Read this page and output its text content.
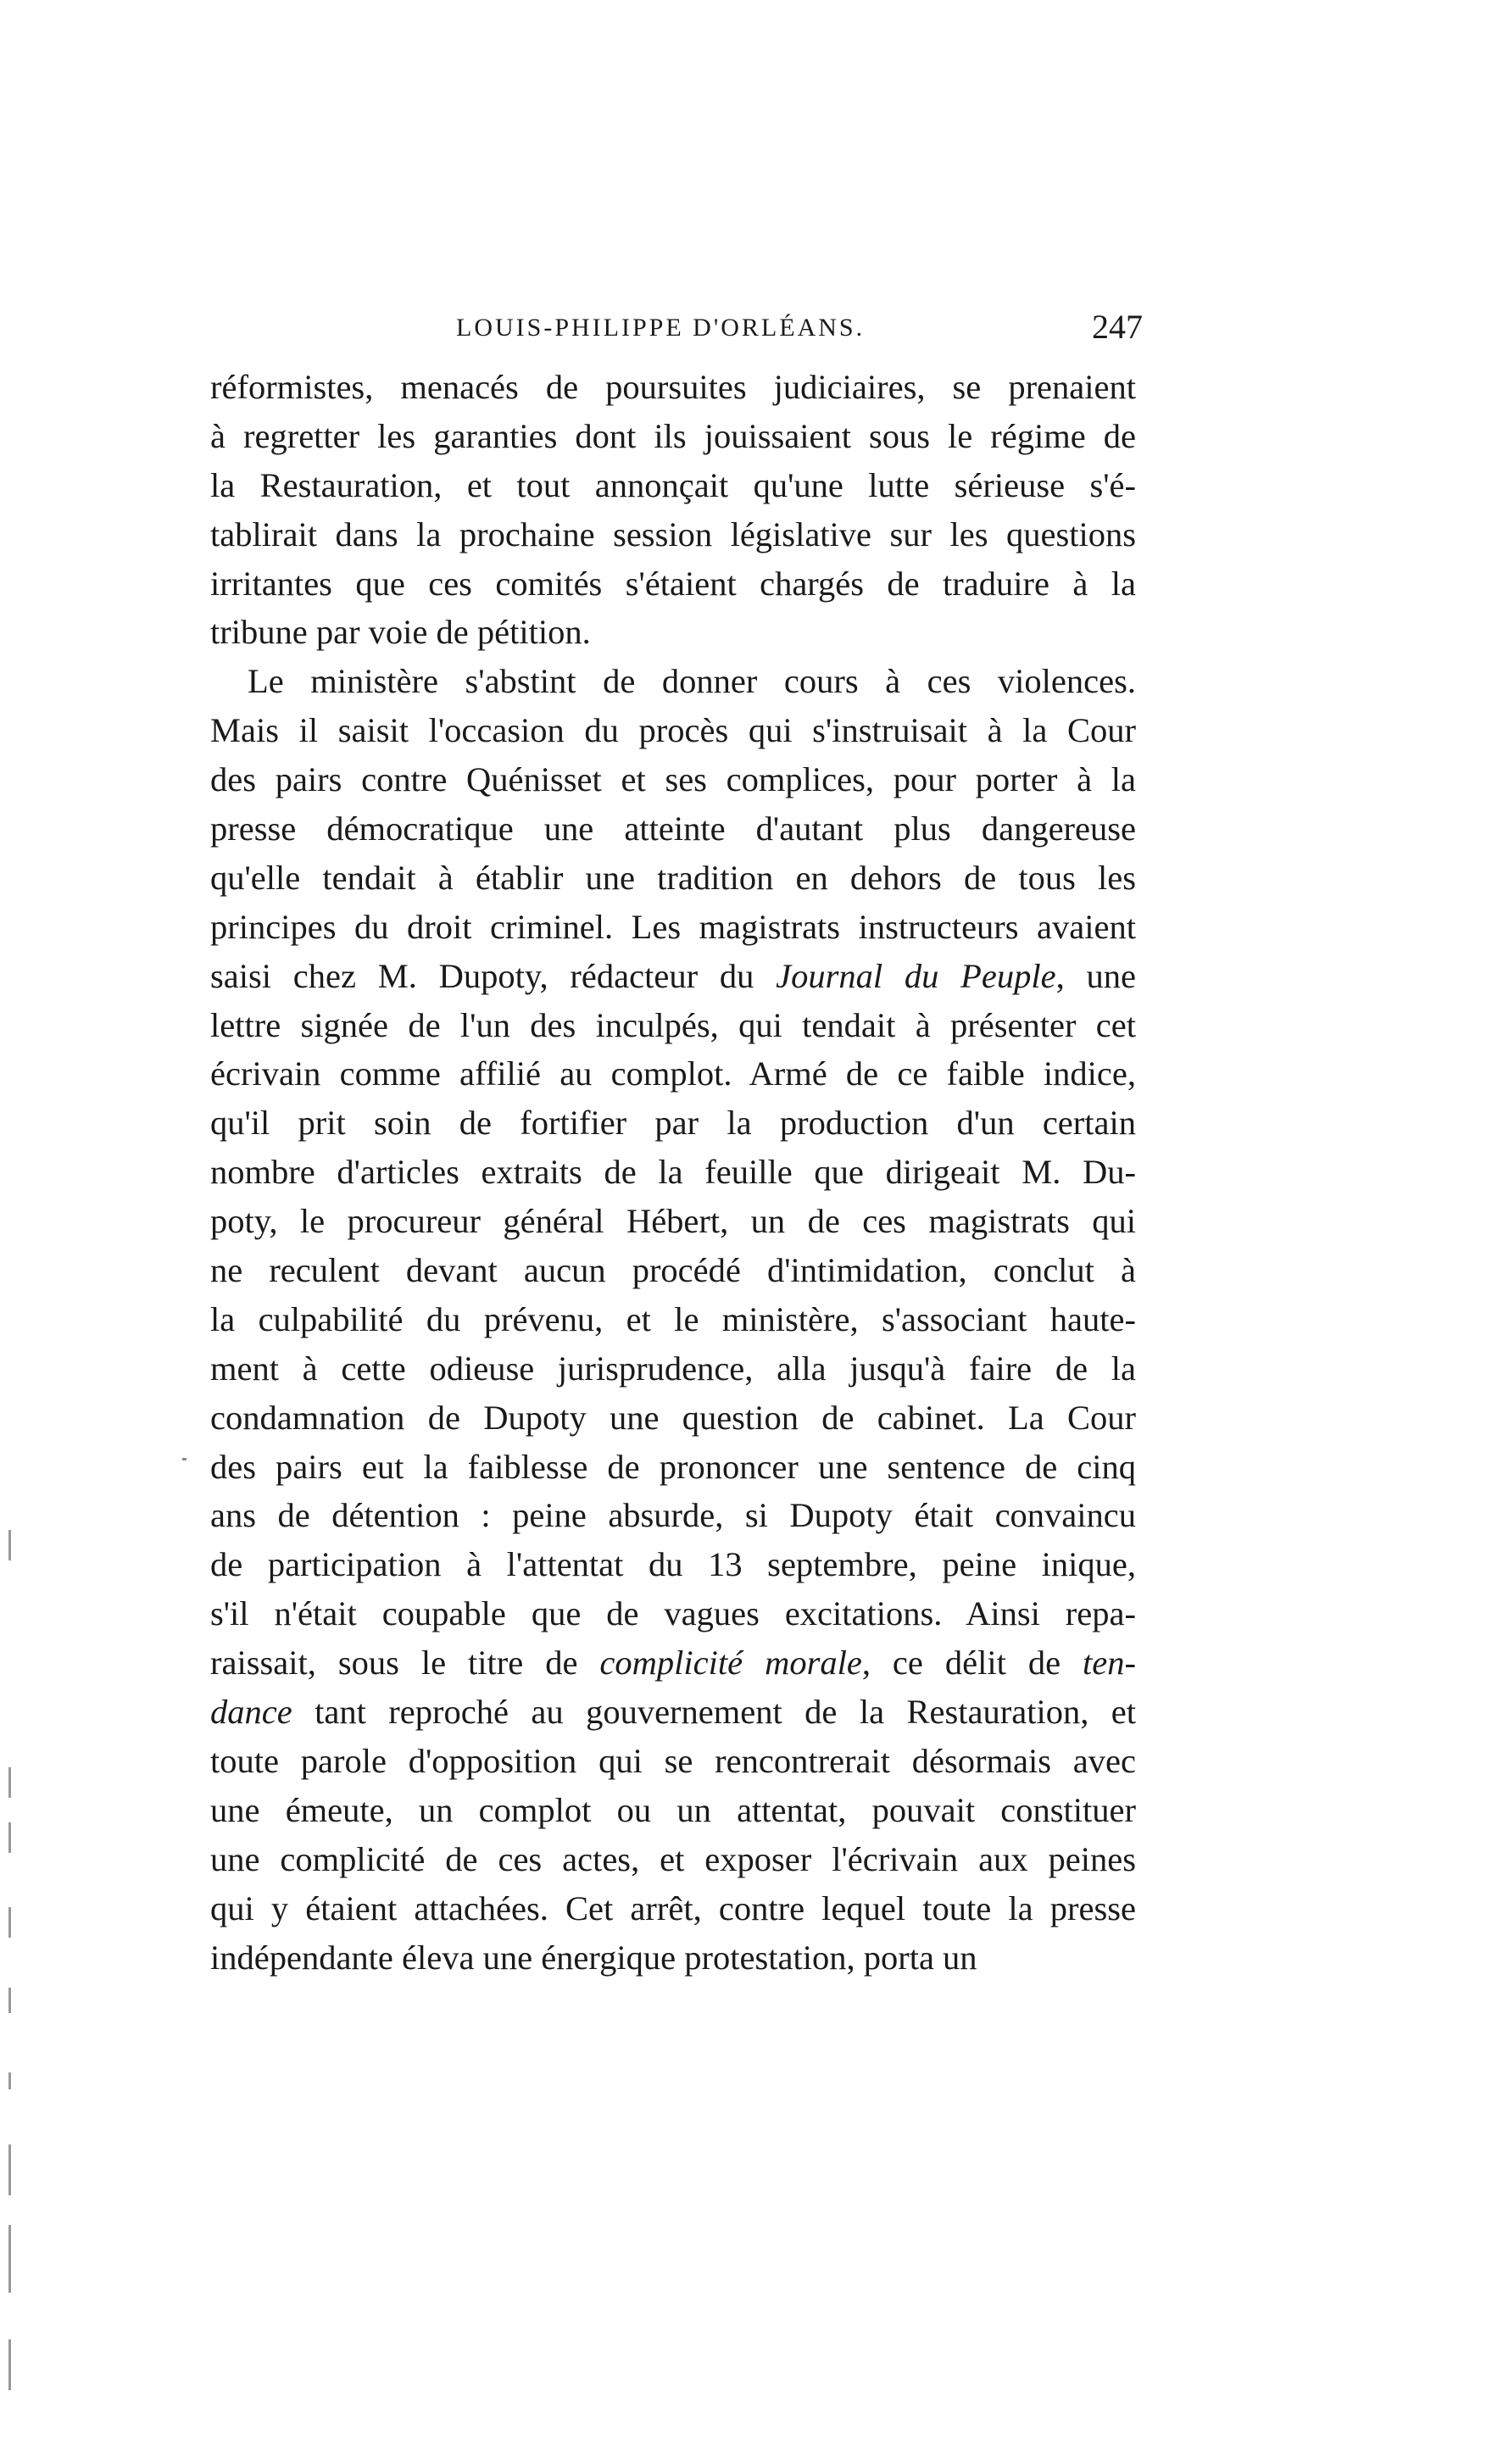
LOUIS-PHILIPPE D'ORLÉANS.	247
réformistes, menacés de poursuites judiciaires, se prenaient
à regretter les garanties dont ils jouissaient sous le régime de
la Restauration, et tout annonçait qu'une lutte sérieuse s'é-
tablirait dans la prochaine session législative sur les questions
irritantes que ces comités s'étaient chargés de traduire à la
tribune par voie de pétition.
Le ministère s'abstint de donner cours à ces violences.
Mais il saisit l'occasion du procès qui s'instruisait à la Cour
des pairs contre Quénisset et ses complices, pour porter à la
presse démocratique une atteinte d'autant plus dangereuse
qu'elle tendait à établir une tradition en dehors de tous les
principes du droit criminel. Les magistrats instructeurs avaient
saisi chez M. Dupoty, rédacteur du Journal du Peuple, une
lettre signée de l'un des inculpés, qui tendait à présenter cet
écrivain comme affilié au complot. Armé de ce faible indice,
qu'il prit soin de fortifier par la production d'un certain
nombre d'articles extraits de la feuille que dirigeait M. Du-
poty, le procureur général Hébert, un de ces magistrats qui
ne reculent devant aucun procédé d'intimidation, conclut à
la culpabilité du prévenu, et le ministère, s'associant haute-
ment à cette odieuse jurisprudence, alla jusqu'à faire de la
condamnation de Dupoty une question de cabinet. La Cour
des pairs eut la faiblesse de prononcer une sentence de cinq
ans de détention : peine absurde, si Dupoty était convaincu
de participation à l'attentat du 13 septembre, peine inique,
s'il n'était coupable que de vagues excitations. Ainsi repa-
raissait, sous le titre de complicité morale, ce délit de ten-
dance tant reproché au gouvernement de la Restauration, et
toute parole d'opposition qui se rencontrerait désormais avec
une émeute, un complot ou un attentat, pouvait constituer
une complicité de ces actes, et exposer l'écrivain aux peines
qui y étaient attachées. Cet arrêt, contre lequel toute la presse
indépendante éleva une énergique protestation, porta un
